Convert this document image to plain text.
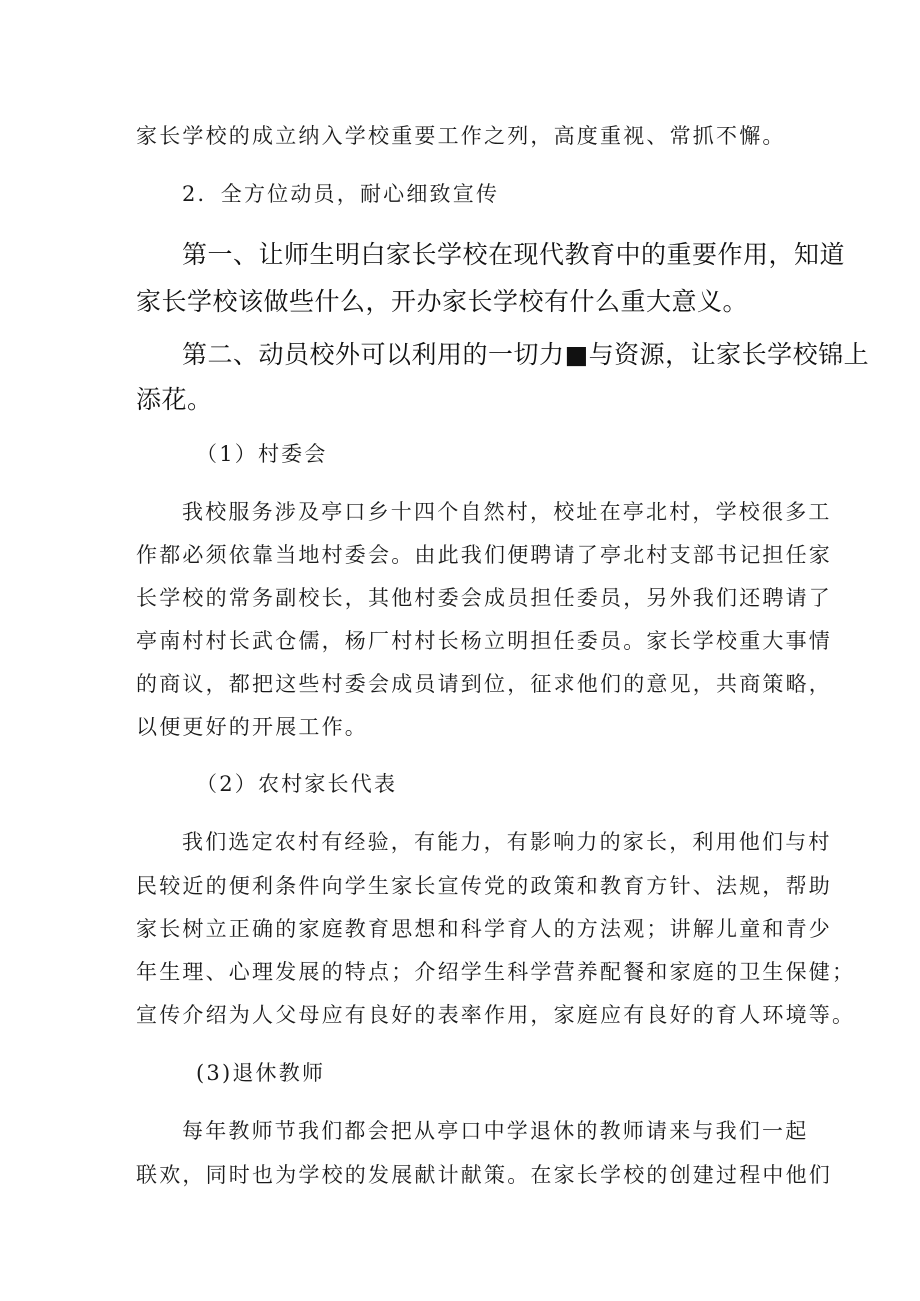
家长学校的成立纳入学校重要工作之列，高度重视、常抓不懈。

2．全方位动员，耐心细致宣传

第一、让师生明白家长学校在现代教育中的重要作用，知道

家长学校该做些什么，开办家长学校有什么重大意义。

第二、动员校外可以利用的一切力■与资源，让家长学校锦上

添花。

（1）村委会

我校服务涉及亭口乡十四个自然村，校址在亭北村，学校很多工

作都必须依靠当地村委会。由此我们便聘请了亭北村支部书记担任家

长学校的常务副校长，其他村委会成员担任委员，另外我们还聘请了

亭南村村长武仓儒，杨厂村村长杨立明担任委员。家长学校重大事情

的商议，都把这些村委会成员请到位，征求他们的意见，共商策略，

以便更好的开展工作。

（2）农村家长代表

我们选定农村有经验，有能力，有影响力的家长，利用他们与村

民较近的便利条件向学生家长宣传党的政策和教育方针、法规，帮助

家长树立正确的家庭教育思想和科学育人的方法观；讲解儿童和青少

年生理、心理发展的特点；介绍学生科学营养配餐和家庭的卫生保健；

宣传介绍为人父母应有良好的表率作用，家庭应有良好的育人环境等。

(3)退休教师

每年教师节我们都会把从亭口中学退休的教师请来与我们一起

联欢，同时也为学校的发展献计献策。在家长学校的创建过程中他们
